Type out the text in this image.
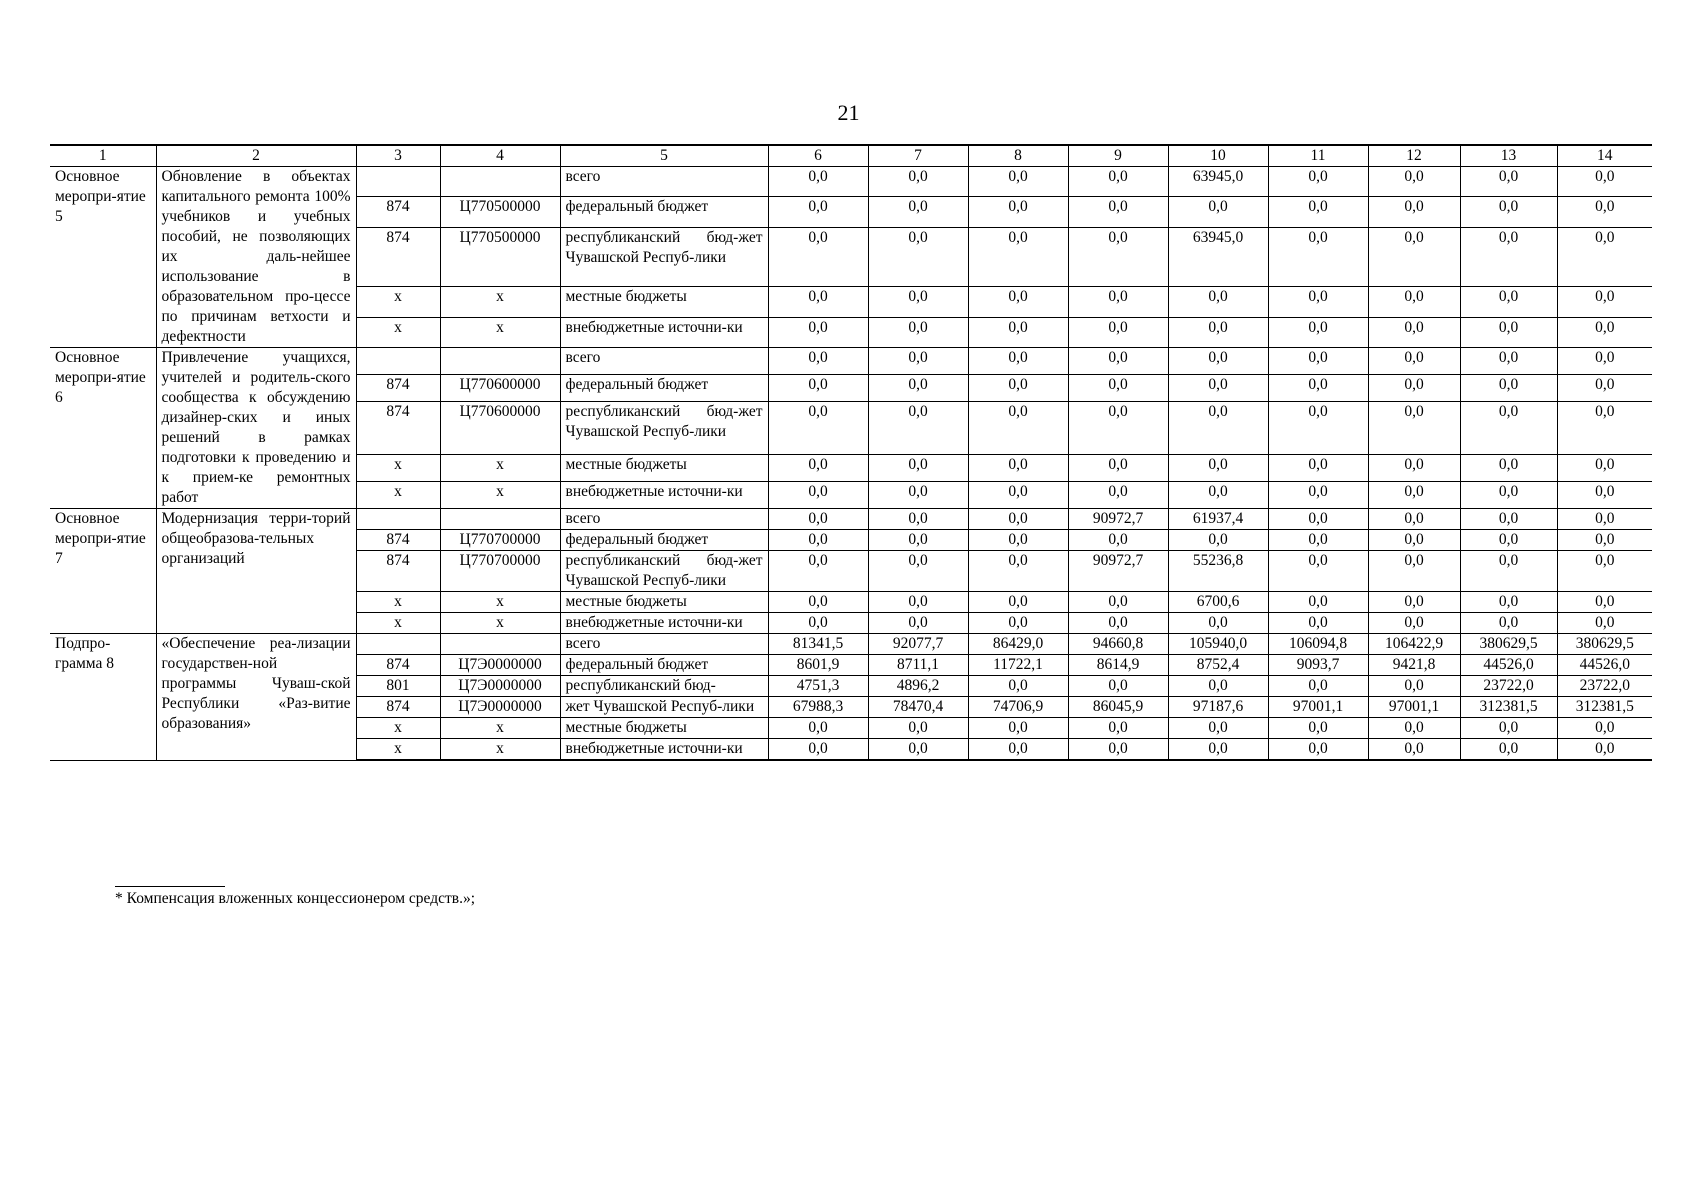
21
1	2	3	4	5	6	7	8	9	10	11	12	13	14
Основное меропри-ятие 5	Обновление в объектах капитального ремонта 100% учебников и учебных пособий, не позволяющих их даль-нейшее использование в образовательном про-цессе по причинам ветхости и дефектности			всего	0,0	0,0	0,0	0,0	63945,0	0,0	0,0	0,0	0,0
		874	Ц770500000	федеральный бюджет	0,0	0,0	0,0	0,0	0,0	0,0	0,0	0,0	0,0
		874	Ц770500000	республиканский бюд-жет Чувашской Респуб-лики	0,0	0,0	0,0	0,0	63945,0	0,0	0,0	0,0	0,0
		х	х	местные бюджеты	0,0	0,0	0,0	0,0	0,0	0,0	0,0	0,0	0,0
		х	х	внебюджетные источни-ки	0,0	0,0	0,0	0,0	0,0	0,0	0,0	0,0	0,0
Основное меропри-ятие 6	Привлечение учащихся, учителей и родитель-ского сообщества к обсуждению дизайнер-ских и иных решений в рамках подготовки к проведению и к прием-ке ремонтных работ			всего	0,0	0,0	0,0	0,0	0,0	0,0	0,0	0,0	0,0
		874	Ц770600000	федеральный бюджет	0,0	0,0	0,0	0,0	0,0	0,0	0,0	0,0	0,0
		874	Ц770600000	республиканский бюд-жет Чувашской Респуб-лики	0,0	0,0	0,0	0,0	0,0	0,0	0,0	0,0	0,0
		х	х	местные бюджеты	0,0	0,0	0,0	0,0	0,0	0,0	0,0	0,0	0,0
		х	х	внебюджетные источни-ки	0,0	0,0	0,0	0,0	0,0	0,0	0,0	0,0	0,0
Основное меропри-ятие 7	Модернизация терри-торий общеобразова-тельных организаций			всего	0,0	0,0	0,0	90972,7	61937,4	0,0	0,0	0,0	0,0
		874	Ц770700000	федеральный бюджет	0,0	0,0	0,0	0,0	0,0	0,0	0,0	0,0	0,0
		874	Ц770700000	республиканский бюд-жет Чувашской Респуб-лики	0,0	0,0	0,0	90972,7	55236,8	0,0	0,0	0,0	0,0
		х	х	местные бюджеты	0,0	0,0	0,0	0,0	6700,6	0,0	0,0	0,0	0,0
		х	х	внебюджетные источни-ки	0,0	0,0	0,0	0,0	0,0	0,0	0,0	0,0	0,0
Подпро-грамма 8	«Обеспечение реа-лизации государствен-ной программы Чуваш-ской Республики «Раз-витие образования»			всего	81341,5	92077,7	86429,0	94660,8	105940,0	106094,8	106422,9	380629,5	380629,5
		874	Ц7Э0000000	федеральный бюджет	8601,9	8711,1	11722,1	8614,9	8752,4	9093,7	9421,8	44526,0	44526,0
		801	Ц7Э0000000	республиканский бюд-	4751,3	4896,2	0,0	0,0	0,0	0,0	0,0	23722,0	23722,0
		874	Ц7Э0000000	жет Чувашской Респуб-лики	67988,3	78470,4	74706,9	86045,9	97187,6	97001,1	97001,1	312381,5	312381,5
		х	х	местные бюджеты	0,0	0,0	0,0	0,0	0,0	0,0	0,0	0,0	0,0
		х	х	внебюджетные источни-ки	0,0	0,0	0,0	0,0	0,0	0,0	0,0	0,0	0,0
* Компенсация вложенных концессионером средств.»;
